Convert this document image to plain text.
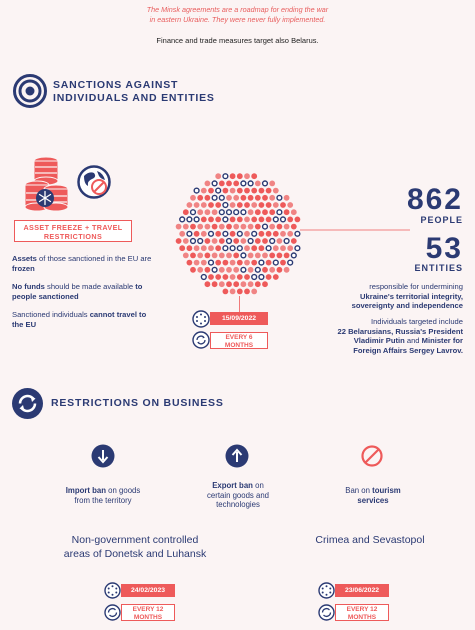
The Minsk agreements are a roadmap for ending the war
in eastern Ukraine. They were never fully implemented.
Finance and trade measures target also Belarus.
SANCTIONS AGAINST
INDIVIDUALS AND ENTITIES
ASSET FREEZE + TRAVEL
RESTRICTIONS
Assets of those sanctioned in the EU are frozen
No funds should be made available to people sanctioned
Sanctioned individuals cannot travel to the EU
862
PEOPLE
53
ENTITIES
responsible for undermining
Ukraine's territorial integrity,
sovereignty and independence
Individuals targeted include
22 Belarusians, Russia's President
Vladimir Putin and Minister for
Foreign Affairs Sergey Lavrov.
15/09/2022
EVERY 6
MONTHS
RESTRICTIONS ON BUSINESS
Import ban on goods
from the territory
Export ban on
certain goods and
technologies
Ban on tourism
services
Non-government controlled
areas of Donetsk and Luhansk
Crimea and Sevastopol
24/02/2023
EVERY 12
MONTHS
23/06/2022
EVERY 12
MONTHS
